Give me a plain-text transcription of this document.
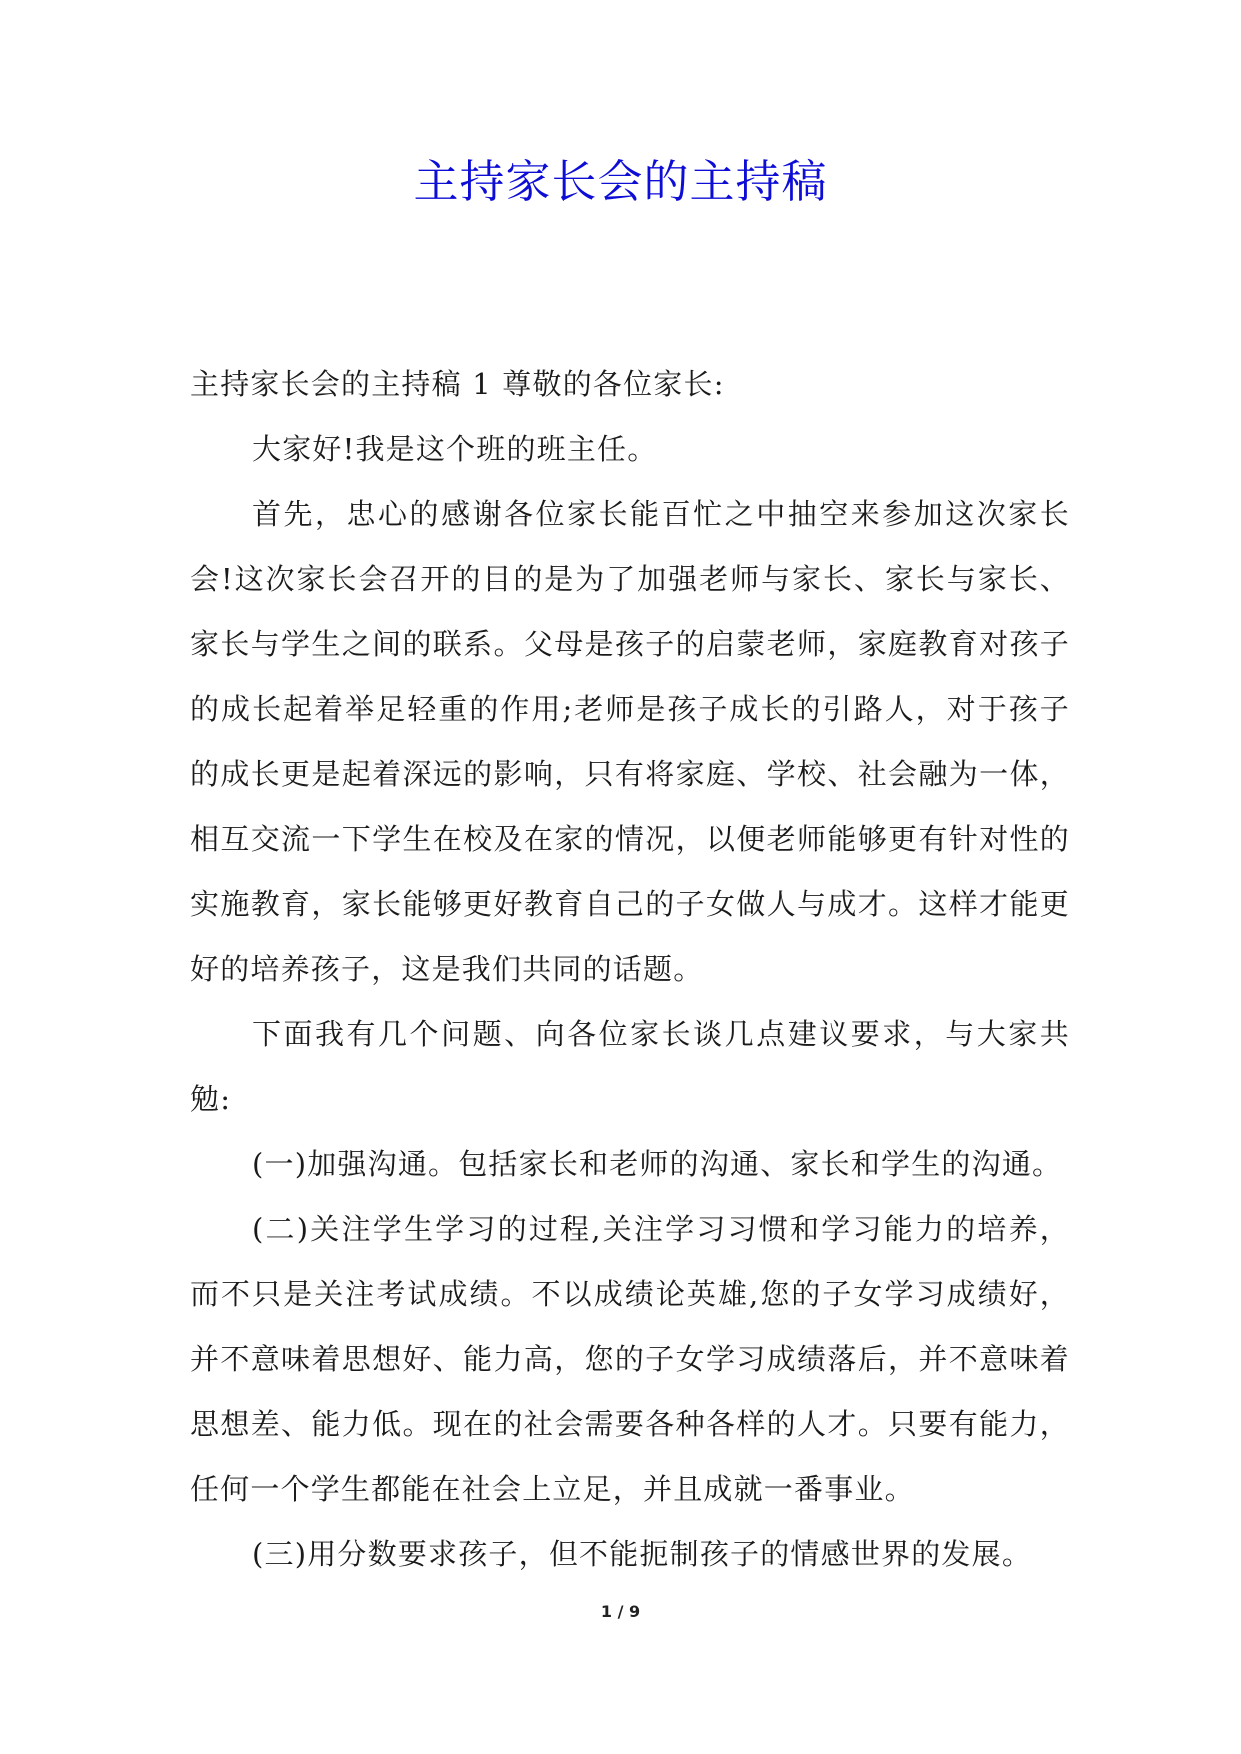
主持家长会的主持稿

主持家长会的主持稿 1 尊敬的各位家长:

大家好!我是这个班的班主任。

首先，忠心的感谢各位家长能百忙之中抽空来参加这次家长会!这次家长会召开的目的是为了加强老师与家长、家长与家长、家长与学生之间的联系。父母是孩子的启蒙老师，家庭教育对孩子的成长起着举足轻重的作用;老师是孩子成长的引路人，对于孩子的成长更是起着深远的影响，只有将家庭、学校、社会融为一体，相互交流一下学生在校及在家的情况，以便老师能够更有针对性的实施教育，家长能够更好教育自己的子女做人与成才。这样才能更好的培养孩子，这是我们共同的话题。

下面我有几个问题、向各位家长谈几点建议要求，与大家共勉:

(一)加强沟通。包括家长和老师的沟通、家长和学生的沟通。

(二)关注学生学习的过程,关注学习习惯和学习能力的培养，而不只是关注考试成绩。不以成绩论英雄,您的子女学习成绩好，并不意味着思想好、能力高，您的子女学习成绩落后，并不意味着思想差、能力低。现在的社会需要各种各样的人才。只要有能力，任何一个学生都能在社会上立足，并且成就一番事业。

(三)用分数要求孩子，但不能扼制孩子的情感世界的发展。

1 / 9
